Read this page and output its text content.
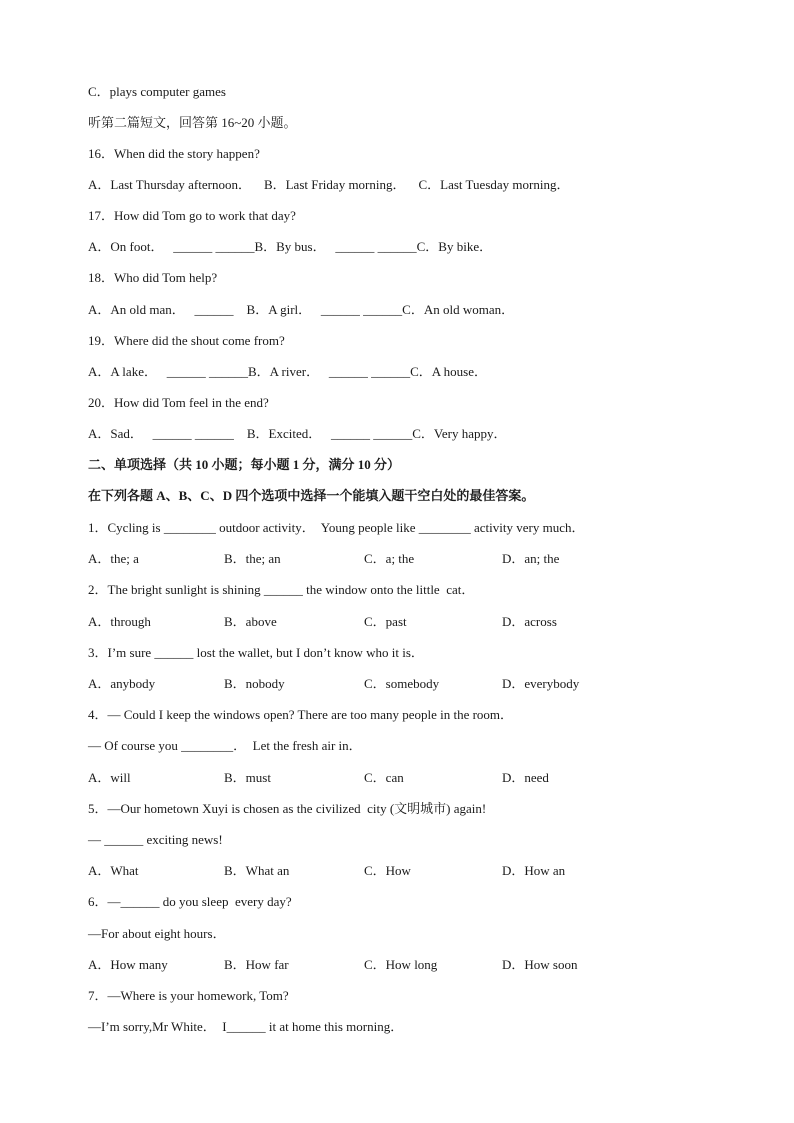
C．plays computer games
听第二篇短文，回答第 16~20 小题。
16．When did the story happen?
A．Last Thursday afternoon．    B．Last Friday morning．    C．Last Tuesday morning．
17．How did Tom go to work that day?
A．On foot．   ______ ______B．By bus．   ______ ______C．By bike．
18．Who did Tom help?
A．An old man．   ______    B．A girl．   ______ ______C．An old woman．
19．Where did the shout come from?
A．A lake．   ______ ______B．A river．   ______ ______C．A house．
20．How did Tom feel in the end?
A．Sad．   ______ ______    B．Excited．   ______ ______C．Very happy．
二、单项选择（共 10 小题；每小题 1 分，满分 10 分）
在下列各题 A、B、C、D 四个选项中选择一个能填入题干空白处的最佳答案。
1．Cycling is ________ outdoor activity．  Young people like ________ activity very much．
A．the; a	B．the; an	C．a; the	D．an; the
2．The bright sunlight is shining ______ the window onto the little  cat．
A．through	B．above	C．past	D．across
3．I’m sure ______ lost the wallet, but I don’t know who it is．
A．anybody	B．nobody	C．somebody	D．everybody
4．— Could I keep the windows open? There are too many people in the room．
— Of course you ________．  Let the fresh air in．
A．will	B．must	C．can	D．need
5．—Our hometown Xuyi is chosen as the civilized  city (文明城市) again!
— ______ exciting news!
A．What	B．What an	C．How	D．How an
6．—______ do you sleep  every day?
—For about eight hours．
A．How many	B．How far	C．How long	D．How soon
7．—Where is your homework, Tom?
—I’m sorry,Mr White．  I______ it at home this morning．
